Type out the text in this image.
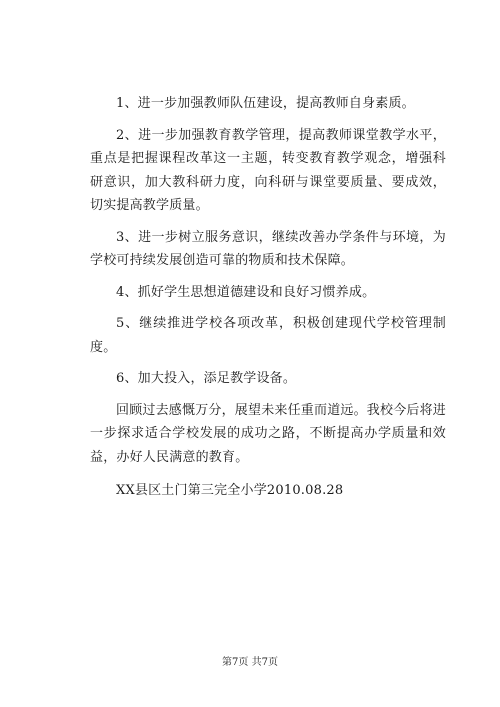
1、进一步加强教师队伍建设，提高教师自身素质。

2、进一步加强教育教学管理，提高教师课堂教学水平，重点是把握课程改革这一主题，转变教育教学观念，增强科研意识，加大教科研力度，向科研与课堂要质量、要成效，切实提高教学质量。

3、进一步树立服务意识，继续改善办学条件与环境，为学校可持续发展创造可靠的物质和技术保障。

4、抓好学生思想道德建设和良好习惯养成。

5、继续推进学校各项改革，积极创建现代学校管理制度。

6、加大投入，添足教学设备。

回顾过去感慨万分，展望未来任重而道远。我校今后将进一步探求适合学校发展的成功之路，不断提高办学质量和效益，办好人民满意的教育。

XX县区土门第三完全小学2010.08.28

第7页 共7页
